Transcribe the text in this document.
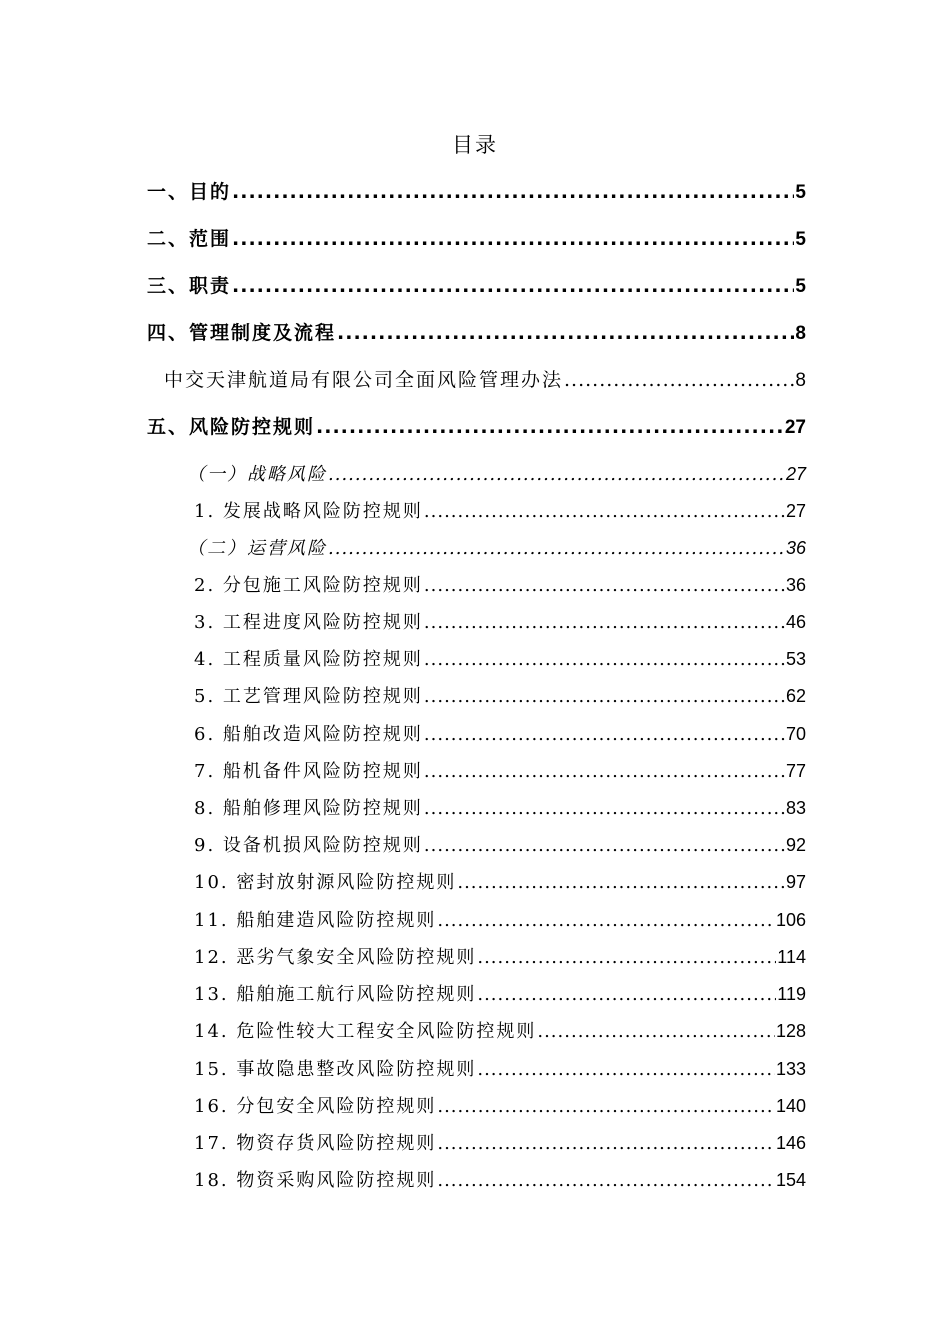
目录
一、目的 .....	5
二、范围 .....	5
三、职责 .....	5
四、管理制度及流程 .....	8
中交天津航道局有限公司全面风险管理办法 .....	8
五、风险防控规则 .....	27
（一）战略风险 .....	27
1. 发展战略风险防控规则 .....	27
（二）运营风险 .....	36
2. 分包施工风险防控规则 .....	36
3. 工程进度风险防控规则 .....	46
4. 工程质量风险防控规则 .....	53
5. 工艺管理风险防控规则 .....	62
6. 船舶改造风险防控规则 .....	70
7. 船机备件风险防控规则 .....	77
8. 船舶修理风险防控规则 .....	83
9. 设备机损风险防控规则 .....	92
10. 密封放射源风险防控规则 .....	97
11. 船舶建造风险防控规则 .....	106
12. 恶劣气象安全风险防控规则 .....	114
13. 船舶施工航行风险防控规则 .....	119
14. 危险性较大工程安全风险防控规则 .....	128
15. 事故隐患整改风险防控规则 .....	133
16. 分包安全风险防控规则 .....	140
17. 物资存货风险防控规则 .....	146
18. 物资采购风险防控规则 .....	154
